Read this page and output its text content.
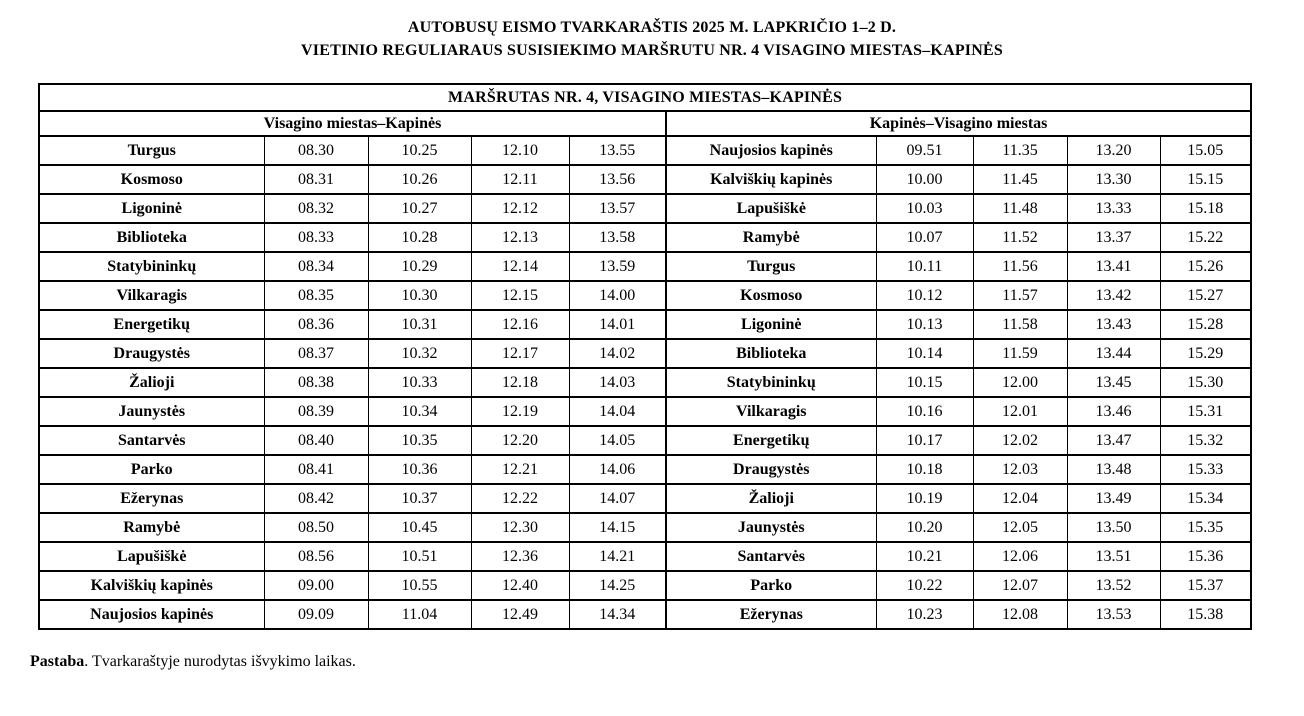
AUTOBUSŲ EISMO TVARKARAŠTIS 2025 M. LAPKRIČIO 1–2 D.
VIETINIO REGULIARAUS SUSISIEKIMO MARŠRUTU NR. 4 VISAGINO MIESTAS–KAPINĖS
MARŠRUTAS NR. 4, VISAGINO MIESTAS–KAPINĖS									
Visagino miestas–Kapinės					Kapinės–Visagino miestas				
Turgus	08.30	10.25	12.10	13.55	Naujosios kapinės	09.51	11.35	13.20	15.05
Kosmoso	08.31	10.26	12.11	13.56	Kalviškių kapinės	10.00	11.45	13.30	15.15
Ligoninė	08.32	10.27	12.12	13.57	Lapušiškė	10.03	11.48	13.33	15.18
Biblioteka	08.33	10.28	12.13	13.58	Ramybė	10.07	11.52	13.37	15.22
Statybininkų	08.34	10.29	12.14	13.59	Turgus	10.11	11.56	13.41	15.26
Vilkaragis	08.35	10.30	12.15	14.00	Kosmoso	10.12	11.57	13.42	15.27
Energetikų	08.36	10.31	12.16	14.01	Ligoninė	10.13	11.58	13.43	15.28
Draugystės	08.37	10.32	12.17	14.02	Biblioteka	10.14	11.59	13.44	15.29
Žalioji	08.38	10.33	12.18	14.03	Statybininkų	10.15	12.00	13.45	15.30
Jaunystės	08.39	10.34	12.19	14.04	Vilkaragis	10.16	12.01	13.46	15.31
Santarvės	08.40	10.35	12.20	14.05	Energetikų	10.17	12.02	13.47	15.32
Parko	08.41	10.36	12.21	14.06	Draugystės	10.18	12.03	13.48	15.33
Ežerynas	08.42	10.37	12.22	14.07	Žalioji	10.19	12.04	13.49	15.34
Ramybė	08.50	10.45	12.30	14.15	Jaunystės	10.20	12.05	13.50	15.35
Lapušiškė	08.56	10.51	12.36	14.21	Santarvės	10.21	12.06	13.51	15.36
Kalviškių kapinės	09.00	10.55	12.40	14.25	Parko	10.22	12.07	13.52	15.37
Naujosios kapinės	09.09	11.04	12.49	14.34	Ežerynas	10.23	12.08	13.53	15.38

Pastaba. Tvarkaraštyje nurodytas išvykimo laikas.
